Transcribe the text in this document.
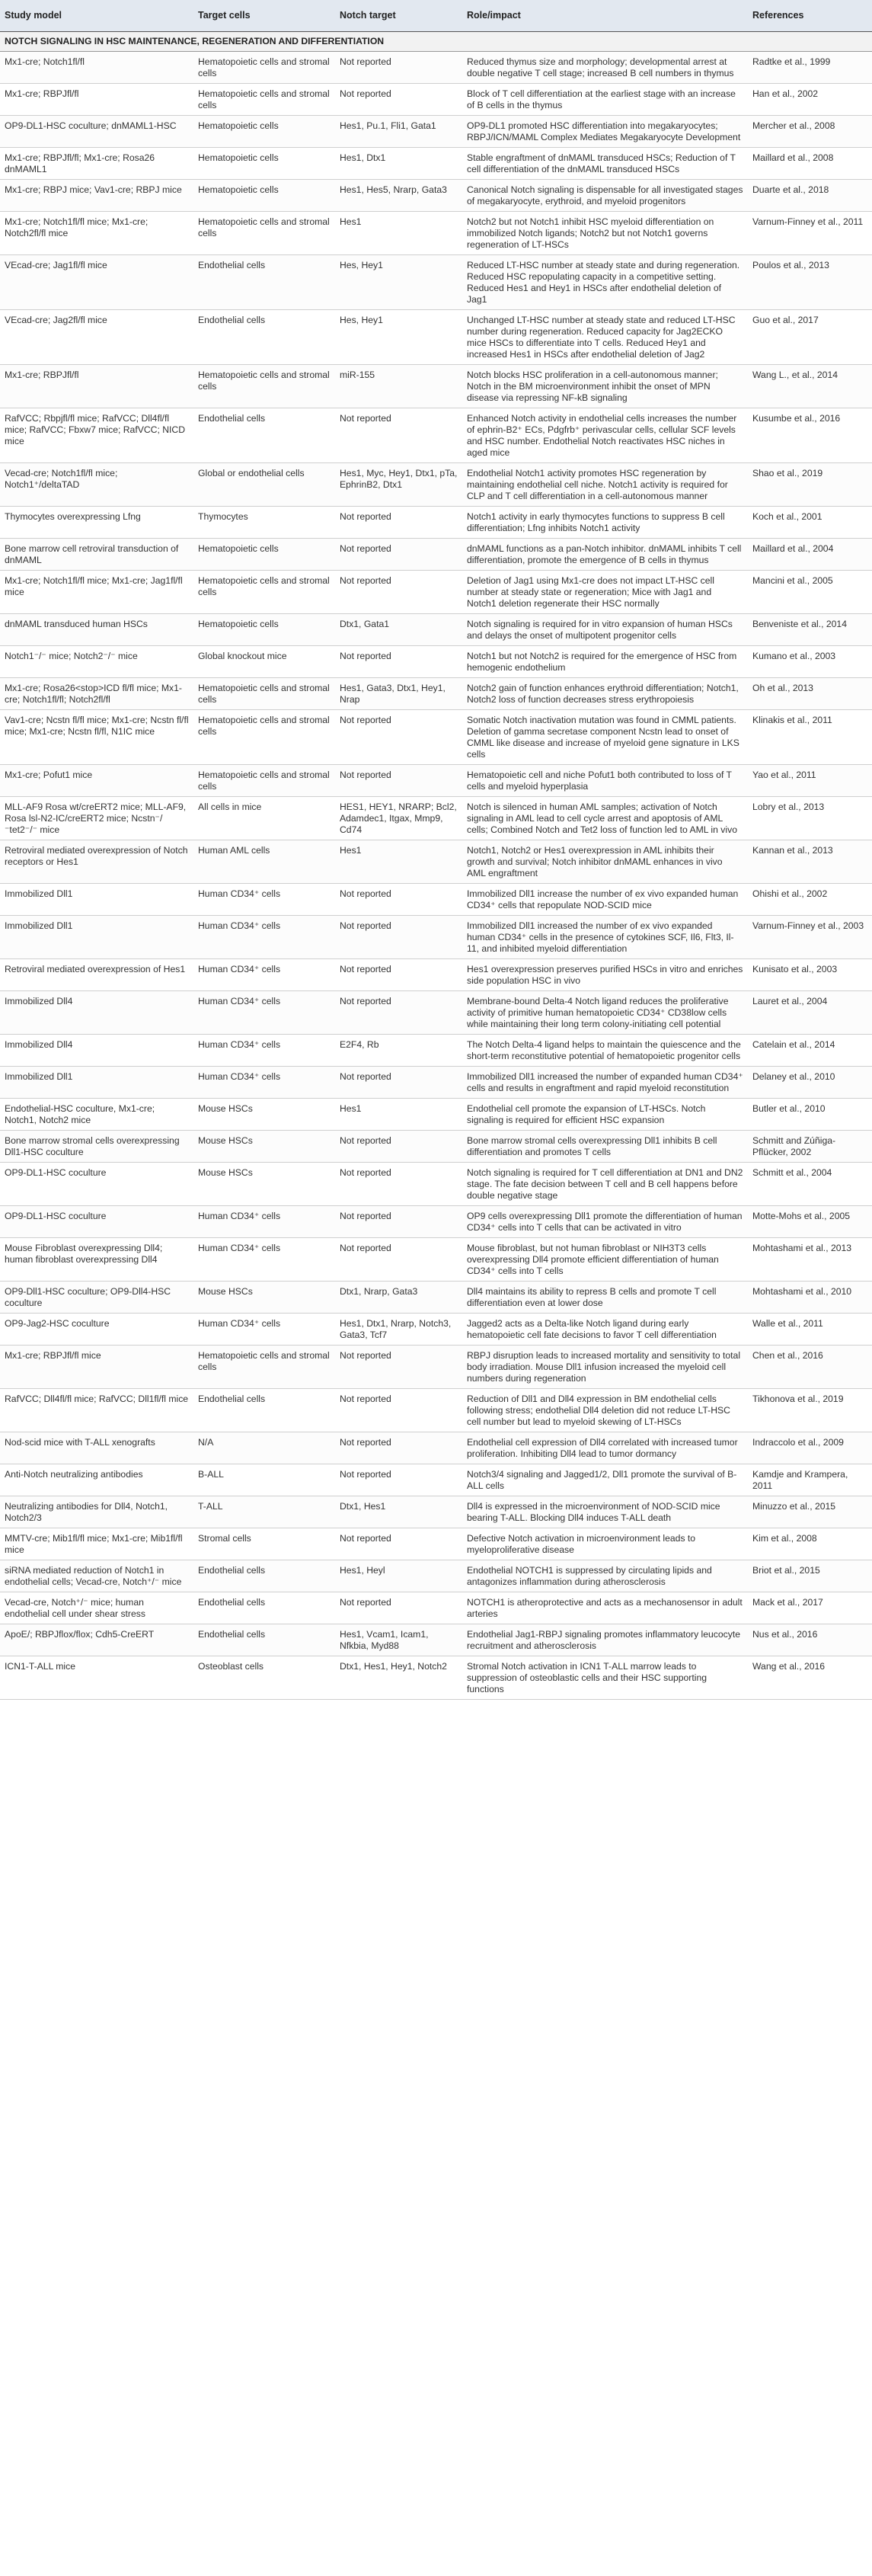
Study model	Target cells	Notch target	Role/impact	References
NOTCH SIGNALING IN HSC MAINTENANCE, REGENERATION AND DIFFERENTIATION				
Mx1-cre; Notch1fl/fl	Hematopoietic cells and stromal cells	Not reported	Reduced thymus size and morphology; developmental arrest at double negative T cell stage; increased B cell numbers in thymus	Radtke et al., 1999
Mx1-cre; RBPJfl/fl	Hematopoietic cells and stromal cells	Not reported	Block of T cell differentiation at the earliest stage with an increase of B cells in the thymus	Han et al., 2002
OP9-DL1-HSC coculture; dnMAML1-HSC	Hematopoietic cells	Hes1, Pu.1, Fli1, Gata1	OP9-DL1 promoted HSC differentiation into megakaryocytes; RBPJ/ICN/MAML Complex Mediates Megakaryocyte Development	Mercher et al., 2008
Mx1-cre; RBPJfl/fl; Mx1-cre; Rosa26 dnMAML1	Hematopoietic cells	Hes1, Dtx1	Stable engraftment of dnMAML transduced HSCs; Reduction of T cell differentiation of the dnMAML transduced HSCs	Maillard et al., 2008
Mx1-cre; RBPJ mice; Vav1-cre; RBPJ mice	Hematopoietic cells	Hes1, Hes5, Nrarp, Gata3	Canonical Notch signaling is dispensable for all investigated stages of megakaryocyte, erythroid, and myeloid progenitors	Duarte et al., 2018
Mx1-cre; Notch1fl/fl mice; Mx1-cre; Notch2fl/fl mice	Hematopoietic cells and stromal cells	Hes1	Notch2 but not Notch1 inhibit HSC myeloid differentiation on immobilized Notch ligands; Notch2 but not Notch1 governs regeneration of LT-HSCs	Varnum-Finney et al., 2011
VEcad-cre; Jag1fl/fl mice	Endothelial cells	Hes, Hey1	Reduced LT-HSC number at steady state and during regeneration. Reduced HSC repopulating capacity in a competitive setting. Reduced Hes1 and Hey1 in HSCs after endothelial deletion of Jag1	Poulos et al., 2013
VEcad-cre; Jag2fl/fl mice	Endothelial cells	Hes, Hey1	Unchanged LT-HSC number at steady state and reduced LT-HSC number during regeneration. Reduced capacity for Jag2ECKO mice HSCs to differentiate into T cells. Reduced Hey1 and increased Hes1 in HSCs after endothelial deletion of Jag2	Guo et al., 2017
Mx1-cre; RBPJfl/fl	Hematopoietic cells and stromal cells	miR-155	Notch blocks HSC proliferation in a cell-autonomous manner; Notch in the BM microenvironment inhibit the onset of MPN disease via repressing NF-kB signaling	Wang L., et al., 2014
RafVCC; Rbpjfl/fl mice; RafVCC; Dll4fl/fl mice; RafVCC; Fbxw7 mice; RafVCC; NICD mice	Endothelial cells	Not reported	Enhanced Notch activity in endothelial cells increases the number of ephrin-B2⁺ ECs, Pdgfrb⁺ perivascular cells, cellular SCF levels and HSC number. Endothelial Notch reactivates HSC niches in aged mice	Kusumbe et al., 2016
Vecad-cre; Notch1fl/fl mice; Notch1⁺/deltaTAD	Global or endothelial cells	Hes1, Myc, Hey1, Dtx1, pTa, EphrinB2, Dtx1	Endothelial Notch1 activity promotes HSC regeneration by maintaining endothelial cell niche. Notch1 activity is required for CLP and T cell differentiation in a cell-autonomous manner	Shao et al., 2019
Thymocytes overexpressing Lfng	Thymocytes	Not reported	Notch1 activity in early thymocytes functions to suppress B cell differentiation; Lfng inhibits Notch1 activity	Koch et al., 2001
Bone marrow cell retroviral transduction of dnMAML	Hematopoietic cells	Not reported	dnMAML functions as a pan-Notch inhibitor. dnMAML inhibits T cell differentiation, promote the emergence of B cells in thymus	Maillard et al., 2004
Mx1-cre; Notch1fl/fl mice; Mx1-cre; Jag1fl/fl mice	Hematopoietic cells and stromal cells	Not reported	Deletion of Jag1 using Mx1-cre does not impact LT-HSC cell number at steady state or regeneration; Mice with Jag1 and Notch1 deletion regenerate their HSC normally	Mancini et al., 2005
dnMAML transduced human HSCs	Hematopoietic cells	Dtx1, Gata1	Notch signaling is required for in vitro expansion of human HSCs and delays the onset of multipotent progenitor cells	Benveniste et al., 2014
Notch1⁻/⁻ mice; Notch2⁻/⁻ mice	Global knockout mice	Not reported	Notch1 but not Notch2 is required for the emergence of HSC from hemogenic endothelium	Kumano et al., 2003
Mx1-cre; Rosa26<stop>ICD fl/fl mice; Mx1-cre; Notch1fl/fl; Notch2fl/fl	Hematopoietic cells and stromal cells	Hes1, Gata3, Dtx1, Hey1, Nrap	Notch2 gain of function enhances erythroid differentiation; Notch1, Notch2 loss of function decreases stress erythropoiesis	Oh et al., 2013
Vav1-cre; Ncstn fl/fl mice; Mx1-cre; Ncstn fl/fl mice; Mx1-cre; Ncstn fl/fl, N1IC mice	Hematopoietic cells and stromal cells	Not reported	Somatic Notch inactivation mutation was found in CMML patients. Deletion of gamma secretase component Ncstn lead to onset of CMML like disease and increase of myeloid gene signature in LKS cells	Klinakis et al., 2011
Mx1-cre; Pofut1 mice	Hematopoietic cells and stromal cells	Not reported	Hematopoietic cell and niche Pofut1 both contributed to loss of T cells and myeloid hyperplasia	Yao et al., 2011
MLL-AF9 Rosa wt/creERT2 mice; MLL-AF9, Rosa lsl-N2-IC/creERT2 mice; Ncstn⁻/⁻tet2⁻/⁻ mice	All cells in mice	HES1, HEY1, NRARP; Bcl2, Adamdec1, Itgax, Mmp9, Cd74	Notch is silenced in human AML samples; activation of Notch signaling in AML lead to cell cycle arrest and apoptosis of AML cells; Combined Notch and Tet2 loss of function led to AML in vivo	Lobry et al., 2013
Retroviral mediated overexpression of Notch receptors or Hes1	Human AML cells	Hes1	Notch1, Notch2 or Hes1 overexpression in AML inhibits their growth and survival; Notch inhibitor dnMAML enhances in vivo AML engraftment	Kannan et al., 2013
Immobilized Dll1	Human CD34⁺ cells	Not reported	Immobilized Dll1 increase the number of ex vivo expanded human CD34⁺ cells that repopulate NOD-SCID mice	Ohishi et al., 2002
Immobilized Dll1	Human CD34⁺ cells	Not reported	Immobilized Dll1 increased the number of ex vivo expanded human CD34⁺ cells in the presence of cytokines SCF, Il6, Flt3, Il-11, and inhibited myeloid differentiation	Varnum-Finney et al., 2003
Retroviral mediated overexpression of Hes1	Human CD34⁺ cells	Not reported	Hes1 overexpression preserves purified HSCs in vitro and enriches side population HSC in vivo	Kunisato et al., 2003
Immobilized Dll4	Human CD34⁺ cells	Not reported	Membrane-bound Delta-4 Notch ligand reduces the proliferative activity of primitive human hematopoietic CD34⁺ CD38low cells while maintaining their long term colony-initiating cell potential	Lauret et al., 2004
Immobilized Dll4	Human CD34⁺ cells	E2F4, Rb	The Notch Delta-4 ligand helps to maintain the quiescence and the short-term reconstitutive potential of hematopoietic progenitor cells	Catelain et al., 2014
Immobilized Dll1	Human CD34⁺ cells	Not reported	Immobilized Dll1 increased the number of expanded human CD34⁺ cells and results in engraftment and rapid myeloid reconstitution	Delaney et al., 2010
Endothelial-HSC coculture, Mx1-cre; Notch1, Notch2 mice	Mouse HSCs	Hes1	Endothelial cell promote the expansion of LT-HSCs. Notch signaling is required for efficient HSC expansion	Butler et al., 2010
Bone marrow stromal cells overexpressing Dll1-HSC coculture	Mouse HSCs	Not reported	Bone marrow stromal cells overexpressing Dll1 inhibits B cell differentiation and promotes T cells	Schmitt and Zúñiga-Pflücker, 2002
OP9-DL1-HSC coculture	Mouse HSCs	Not reported	Notch signaling is required for T cell differentiation at DN1 and DN2 stage. The fate decision between T cell and B cell happens before double negative stage	Schmitt et al., 2004
OP9-DL1-HSC coculture	Human CD34⁺ cells	Not reported	OP9 cells overexpressing Dll1 promote the differentiation of human CD34⁺ cells into T cells that can be activated in vitro	Motte-Mohs et al., 2005
Mouse Fibroblast overexpressing Dll4; human fibroblast overexpressing Dll4	Human CD34⁺ cells	Not reported	Mouse fibroblast, but not human fibroblast or NIH3T3 cells overexpressing Dll4 promote efficient differentiation of human CD34⁺ cells into T cells	Mohtashami et al., 2013
OP9-Dll1-HSC coculture; OP9-Dll4-HSC coculture	Mouse HSCs	Dtx1, Nrarp, Gata3	Dll4 maintains its ability to repress B cells and promote T cell differentiation even at lower dose	Mohtashami et al., 2010
OP9-Jag2-HSC coculture	Human CD34⁺ cells	Hes1, Dtx1, Nrarp, Notch3, Gata3, Tcf7	Jagged2 acts as a Delta-like Notch ligand during early hematopoietic cell fate decisions to favor T cell differentiation	Walle et al., 2011
Mx1-cre; RBPJfl/fl mice	Hematopoietic cells and stromal cells	Not reported	RBPJ disruption leads to increased mortality and sensitivity to total body irradiation. Mouse Dll1 infusion increased the myeloid cell numbers during regeneration	Chen et al., 2016
RafVCC; Dll4fl/fl mice; RafVCC; Dll1fl/fl mice	Endothelial cells	Not reported	Reduction of Dll1 and Dll4 expression in BM endothelial cells following stress; endothelial Dll4 deletion did not reduce LT-HSC cell number but lead to myeloid skewing of LT-HSCs	Tikhonova et al., 2019
Nod-scid mice with T-ALL xenografts	N/A	Not reported	Endothelial cell expression of Dll4 correlated with increased tumor proliferation. Inhibiting Dll4 lead to tumor dormancy	Indraccolo et al., 2009
Anti-Notch neutralizing antibodies	B-ALL	Not reported	Notch3/4 signaling and Jagged1/2, Dll1 promote the survival of B-ALL cells	Kamdje and Krampera, 2011
Neutralizing antibodies for Dll4, Notch1, Notch2/3	T-ALL	Dtx1, Hes1	Dll4 is expressed in the microenvironment of NOD-SCID mice bearing T-ALL. Blocking Dll4 induces T-ALL death	Minuzzo et al., 2015
MMTV-cre; Mib1fl/fl mice; Mx1-cre; Mib1fl/fl mice	Stromal cells	Not reported	Defective Notch activation in microenvironment leads to myeloproliferative disease	Kim et al., 2008
siRNA mediated reduction of Notch1 in endothelial cells; Vecad-cre, Notch⁺/⁻ mice	Endothelial cells	Hes1, Heyl	Endothelial NOTCH1 is suppressed by circulating lipids and antagonizes inflammation during atherosclerosis	Briot et al., 2015
Vecad-cre, Notch⁺/⁻ mice; human endothelial cell under shear stress	Endothelial cells	Not reported	NOTCH1 is atheroprotective and acts as a mechanosensor in adult arteries	Mack et al., 2017
ApoE/; RBPJflox/flox; Cdh5-CreERT	Endothelial cells	Hes1, Vcam1, Icam1, Nfkbia, Myd88	Endothelial Jag1-RBPJ signaling promotes inflammatory leucocyte recruitment and atherosclerosis	Nus et al., 2016
ICN1-T-ALL mice	Osteoblast cells	Dtx1, Hes1, Hey1, Notch2	Stromal Notch activation in ICN1 T-ALL marrow leads to suppression of osteoblastic cells and their HSC supporting functions	Wang et al., 2016
